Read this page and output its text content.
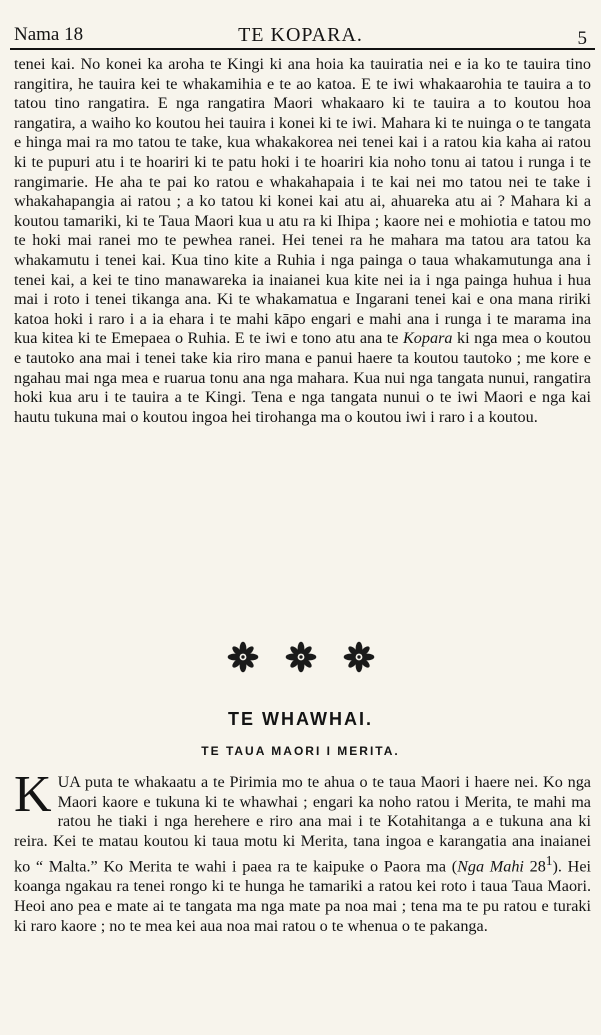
Nama 18	TE KOPARA.	5
tenei kai. No konei ka aroha te Kingi ki ana hoia ka tauiratia nei e ia ko te tauira tino rangitira, he tauira kei te whakamihia e te ao katoa. E te iwi whakaarohia te tauira a to tatou tino rangatira. E nga rangatira Maori whakaaro ki te tauira a to koutou hoa rangatira, a waiho ko koutou hei tauira i konei ki te iwi. Mahara ki te nuinga o te tangata e hinga mai ra mo tatou te take, kua whakakorea nei tenei kai i a ratou kia kaha ai ratou ki te pupuri atu i te hoariri ki te patu hoki i te hoariri kia noho tonu ai tatou i runga i te rangimarie. He aha te pai ko ratou e whakahapaia i te kai nei mo tatou nei te take i whakahapangia ai ratou ; a ko tatou ki konei kai atu ai, ahuareka atu ai ? Mahara ki a koutou tamariki, ki te Taua Maori kua u atu ra ki Ihipa ; kaore nei e mohiotia e tatou mo te hoki mai ranei mo te pewhea ranei. Hei tenei ra he mahara ma tatou ara tatou ka whakamutu i tenei kai. Kua tino kite a Ruhia i nga painga o taua whakamutunga ana i tenei kai, a kei te tino manawareka ia inaianei kua kite nei ia i nga painga huhua i hua mai i roto i tenei tikanga ana. Ki te whakamatua e Ingarani tenei kai e ona mana ririki katoa hoki i raro i a ia ehara i te mahi kāpo engari e mahi ana i runga i te marama ina kua kitea ki te Emepaea o Ruhia. E te iwi e tono atu ana te Kopara ki nga mea o koutou e tautoko ana mai i tenei take kia riro mana e panui haere ta koutou tautoko ; me kore e ngahau mai nga mea e ruarua tonu ana nga mahara. Kua nui nga tangata nunui, rangatira hoki kua aru i te tauira a te Kingi. Tena e nga tangata nunui o te iwi Maori e nga kai hautu tukuna mai o koutou ingoa hei tirohanga ma o koutou iwi i raro i a koutou.
TE WHAWHAI.
TE TAUA MAORI I MERITA.
KUA puta te whakaatu a te Pirimia mo te ahua o te taua Maori i haere nei. Ko nga Maori kaore e tukuna ki te whawhai ; engari ka noho ratou i Merita, te mahi ma ratou he tiaki i nga herehere e riro ana mai i te Kotahitanga a e tukuna ana ki reira. Kei te matau koutou ki taua motu ki Merita, tana ingoa e karangatia ana inaianei ko “ Malta.” Ko Merita te wahi i paea ra te kaipuke o Paora ma (Nga Mahi $28^1$). Hei koanga ngakau ra tenei rongo ki te hunga he tamariki a ratou kei roto i taua Taua Maori. Heoi ano pea e mate ai te tangata ma nga mate pa noa mai ; tena ma te pu ratou e turaki ki raro kaore ; no te mea kei aua noa mai ratou o te whenua o te pakanga.
